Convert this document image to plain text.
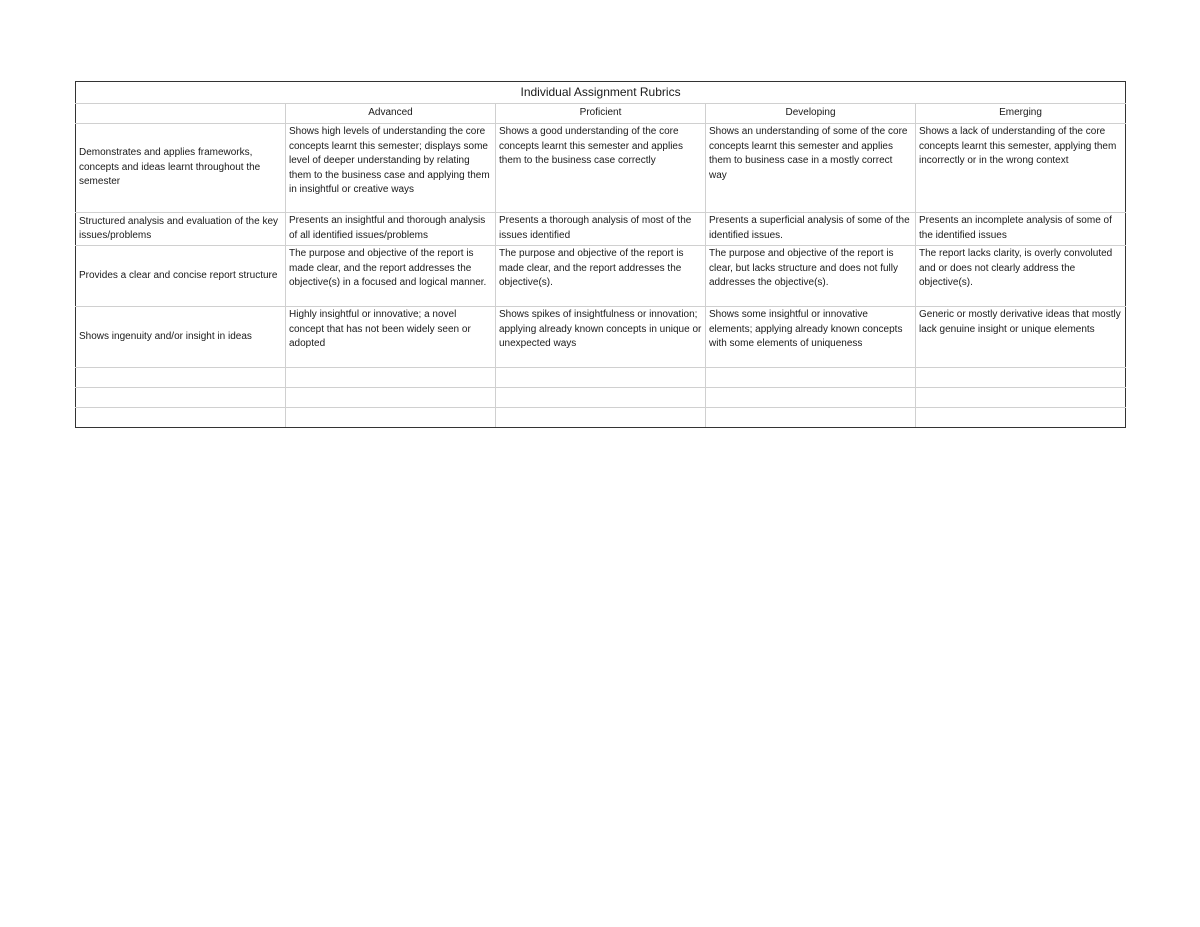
Individual Assignment Rubrics				
	Advanced	Proficient	Developing	Emerging
Demonstrates and applies frameworks, concepts and ideas learnt throughout the semester	Shows high levels of understanding the core concepts learnt this semester; displays some level of deeper understanding by relating them to the business case and applying them in insightful or creative ways	Shows a good understanding of the core concepts learnt this semester and applies them to the business case correctly	Shows an understanding of some of the core concepts learnt this semester and applies them to business case in a mostly correct way	Shows a lack of understanding of the core concepts learnt this semester, applying them incorrectly or in the wrong context
Structured analysis and evaluation of the key issues/problems	Presents an insightful and thorough analysis of all identified issues/problems	Presents a thorough analysis of most of the issues identified	Presents a superficial analysis of some of the identified issues.	Presents an incomplete analysis of some of the identified issues
Provides a clear and concise report structure	The purpose and objective of the report is made clear, and the report addresses the objective(s) in a focused and logical manner.	The purpose and objective of the report is made clear, and the report addresses the objective(s).	The purpose and objective of the report is clear, but lacks structure and does not fully addresses the objective(s).	The report lacks clarity, is overly convoluted and or does not clearly address the objective(s).
Shows ingenuity and/or insight in ideas	Highly insightful or innovative; a novel concept that has not been widely seen or adopted	Shows spikes of insightfulness or innovation; applying already known concepts in unique or unexpected ways	Shows some insightful or innovative elements; applying already known concepts with some elements of uniqueness	Generic or mostly derivative ideas that mostly lack genuine insight or unique elements
